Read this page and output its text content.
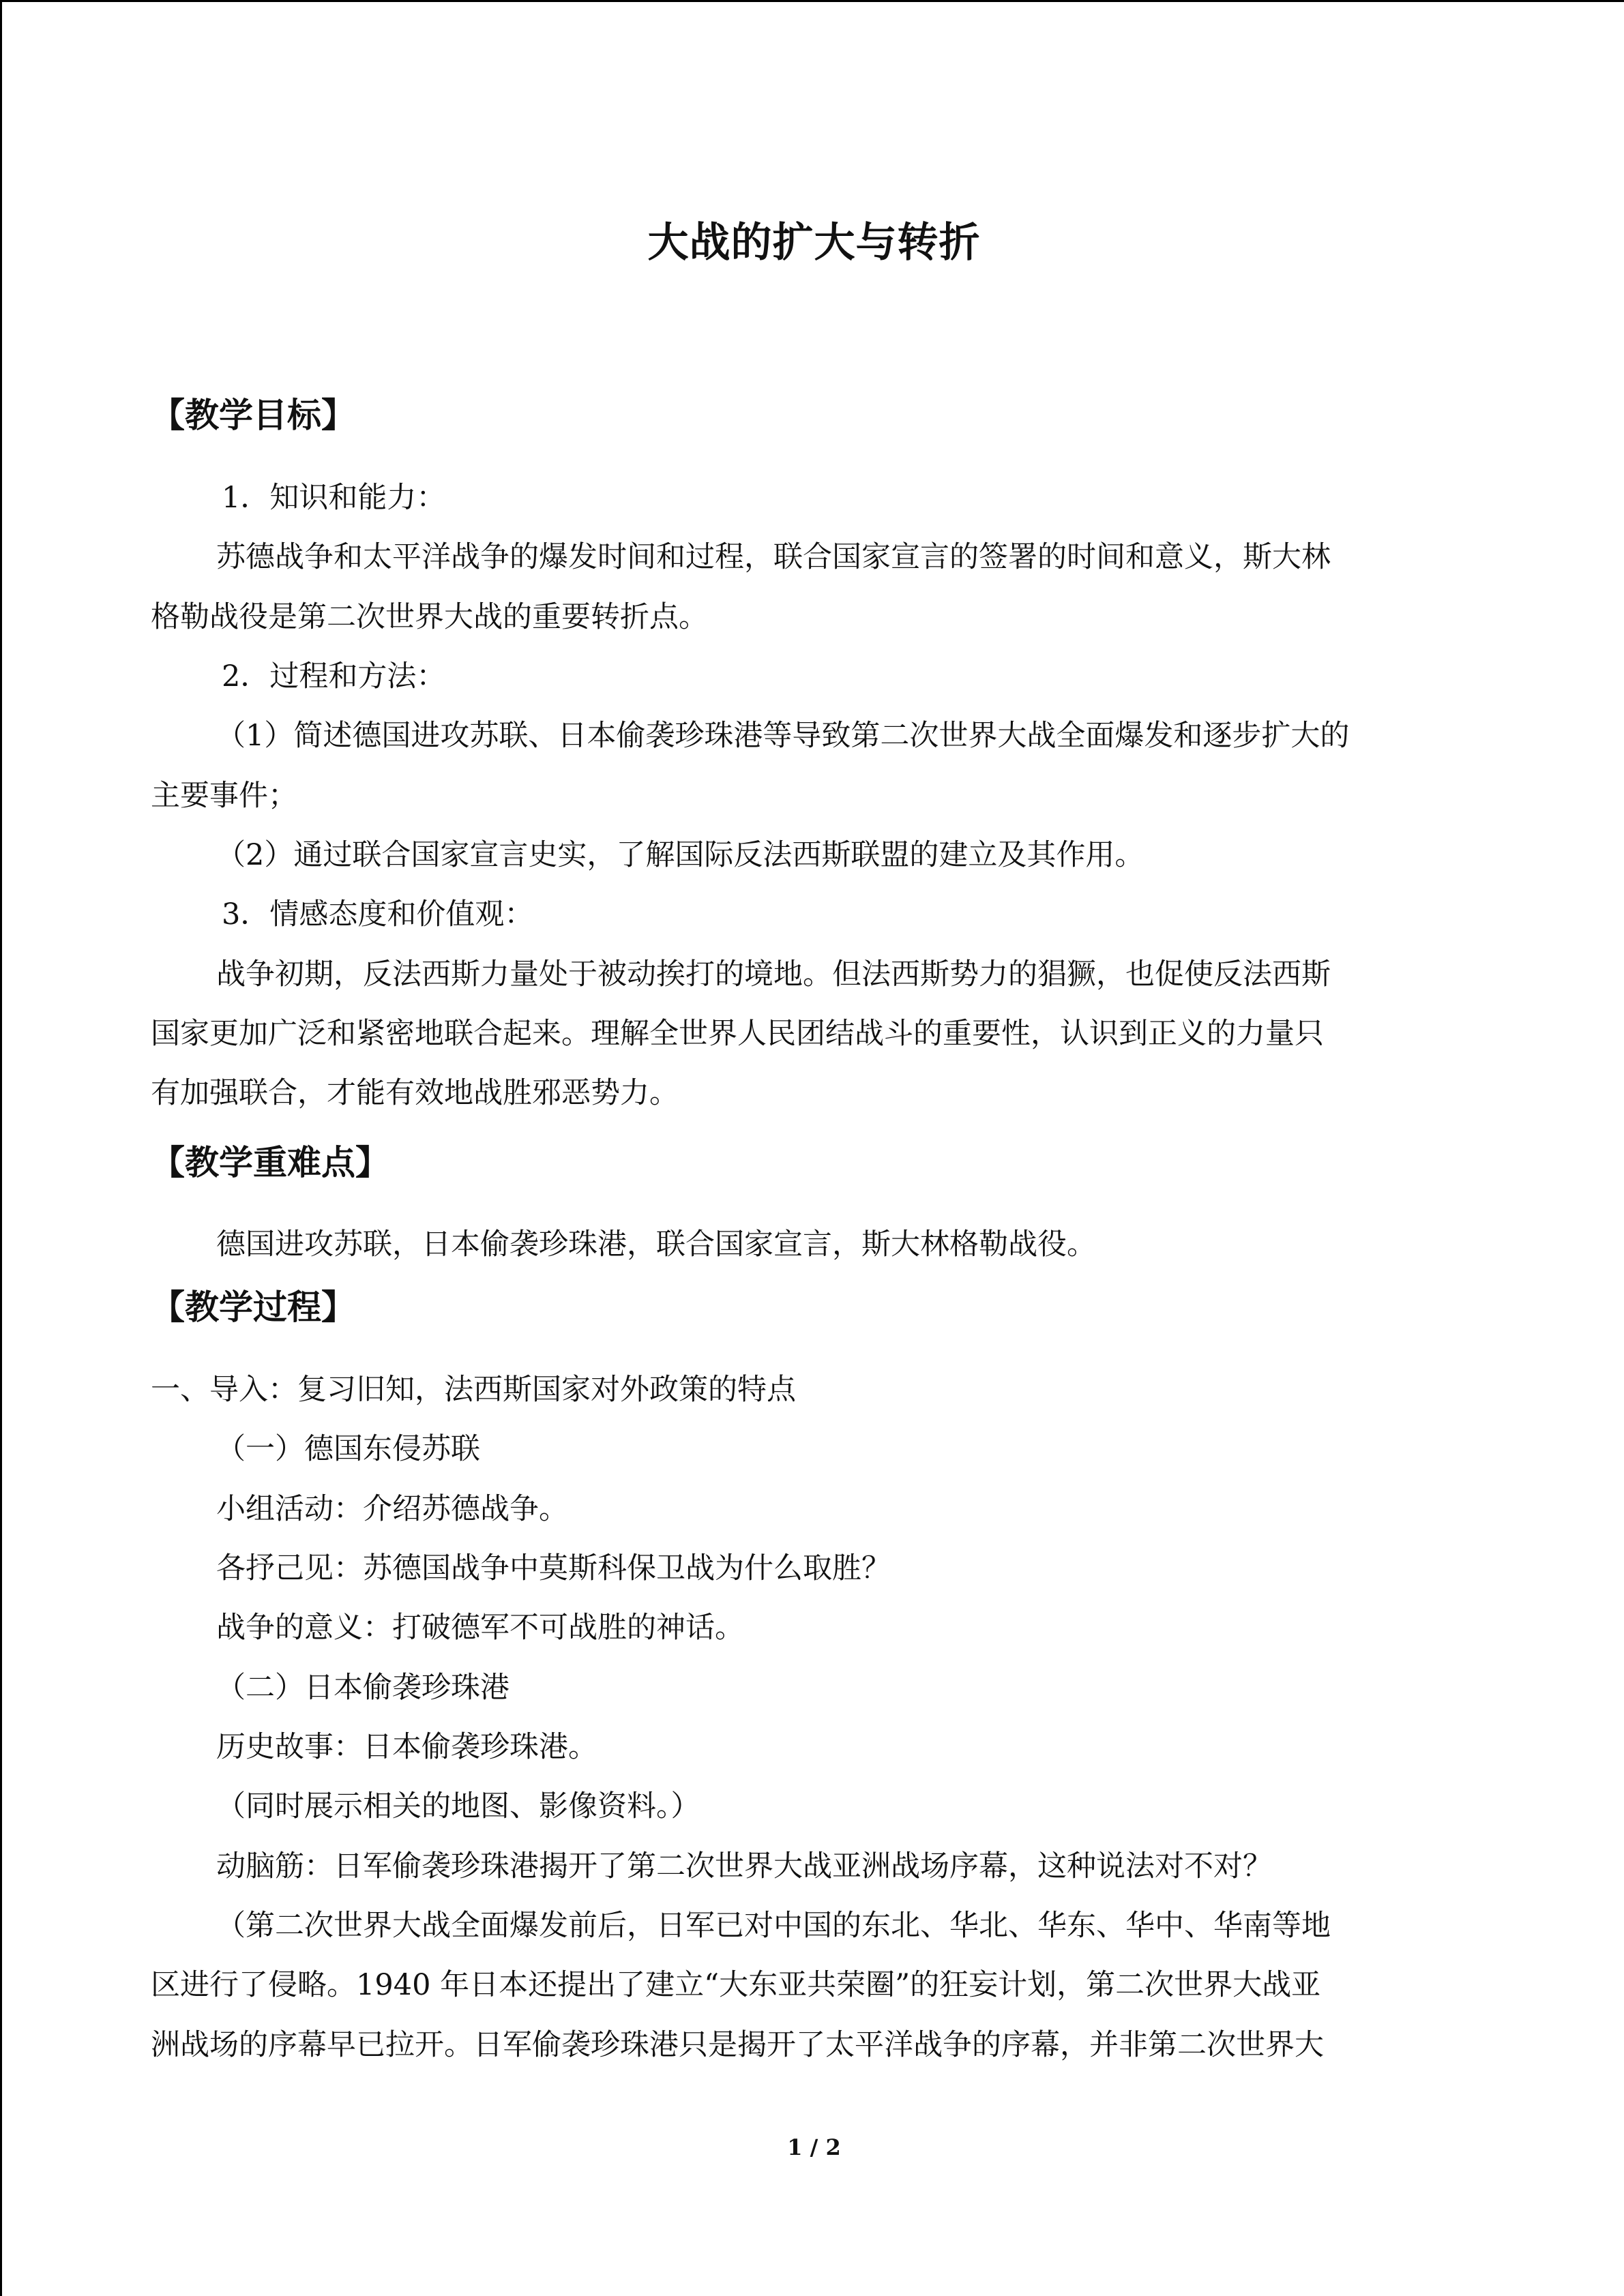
大战的扩大与转折
【教学目标】

1．知识和能力：

苏德战争和太平洋战争的爆发时间和过程，联合国家宣言的签署的时间和意义，斯大林

格勒战役是第二次世界大战的重要转折点。

2．过程和方法：

（1）简述德国进攻苏联、日本偷袭珍珠港等导致第二次世界大战全面爆发和逐步扩大的

主要事件；

（2）通过联合国家宣言史实，了解国际反法西斯联盟的建立及其作用。

3．情感态度和价值观：

战争初期，反法西斯力量处于被动挨打的境地。但法西斯势力的猖獗，也促使反法西斯

国家更加广泛和紧密地联合起来。理解全世界人民团结战斗的重要性，认识到正义的力量只

有加强联合，才能有效地战胜邪恶势力。

【教学重难点】

德国进攻苏联，日本偷袭珍珠港，联合国家宣言，斯大林格勒战役。

【教学过程】

一、导入：复习旧知，法西斯国家对外政策的特点

（一）德国东侵苏联

小组活动：介绍苏德战争。

各抒己见：苏德国战争中莫斯科保卫战为什么取胜？

战争的意义：打破德军不可战胜的神话。

（二）日本偷袭珍珠港

历史故事：日本偷袭珍珠港。

（同时展示相关的地图、影像资料。）

动脑筋：日军偷袭珍珠港揭开了第二次世界大战亚洲战场序幕，这种说法对不对？

（第二次世界大战全面爆发前后，日军已对中国的东北、华北、华东、华中、华南等地

区进行了侵略。1940 年日本还提出了建立“大东亚共荣圈”的狂妄计划，第二次世界大战亚

洲战场的序幕早已拉开。日军偷袭珍珠港只是揭开了太平洋战争的序幕，并非第二次世界大

1 / 2
